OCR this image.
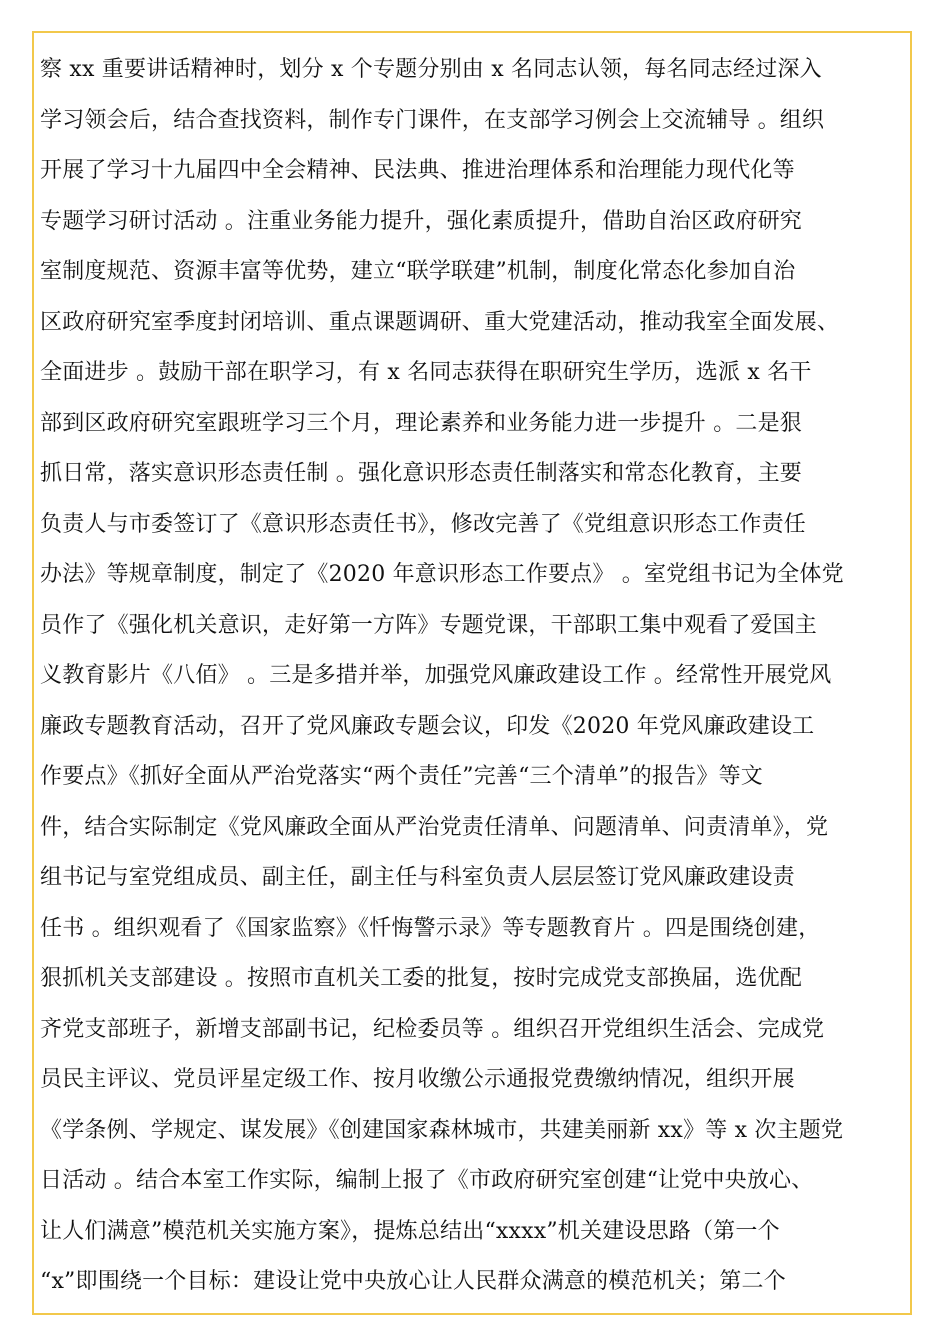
察 xx 重要讲话精神时，划分 x 个专题分别由 x 名同志认领，每名同志经过深入
学习领会后，结合查找资料，制作专门课件，在支部学习例会上交流辅导 。组织
开展了学习十九届四中全会精神、民法典、推进治理体系和治理能力现代化等
专题学习研讨活动 。注重业务能力提升，强化素质提升，借助自治区政府研究
室制度规范、资源丰富等优势，建立“联学联建”机制，制度化常态化参加自治
区政府研究室季度封闭培训、重点课题调研、重大党建活动，推动我室全面发展、
全面进步 。鼓励干部在职学习，有 x 名同志获得在职研究生学历，选派 x 名干
部到区政府研究室跟班学习三个月，理论素养和业务能力进一步提升 。二是狠
抓日常，落实意识形态责任制 。强化意识形态责任制落实和常态化教育，主要
负责人与市委签订了《意识形态责任书》，修改完善了《党组意识形态工作责任
办法》等规章制度，制定了《2020 年意识形态工作要点》 。室党组书记为全体党
员作了《强化机关意识，走好第一方阵》专题党课，干部职工集中观看了爱国主
义教育影片《八佰》 。三是多措并举，加强党风廉政建设工作 。经常性开展党风
廉政专题教育活动，召开了党风廉政专题会议，印发《2020 年党风廉政建设工
作要点》《抓好全面从严治党落实“两个责任”完善“三个清单”的报告》等文
件，结合实际制定《党风廉政全面从严治党责任清单、问题清单、问责清单》，党
组书记与室党组成员、副主任，副主任与科室负责人层层签订党风廉政建设责
任书 。组织观看了《国家监察》《忏悔警示录》等专题教育片 。四是围绕创建，
狠抓机关支部建设 。按照市直机关工委的批复，按时完成党支部换届，选优配
齐党支部班子，新增支部副书记，纪检委员等 。组织召开党组织生活会、完成党
员民主评议、党员评星定级工作、按月收缴公示通报党费缴纳情况，组织开展
《学条例、学规定、谋发展》《创建国家森林城市，共建美丽新 xx》等 x 次主题党
日活动 。结合本室工作实际，编制上报了《市政府研究室创建“让党中央放心、
让人们满意”模范机关实施方案》，提炼总结出“xxxx”机关建设思路（第一个
“x”即围绕一个目标：建设让党中央放心让人民群众满意的模范机关；第二个
